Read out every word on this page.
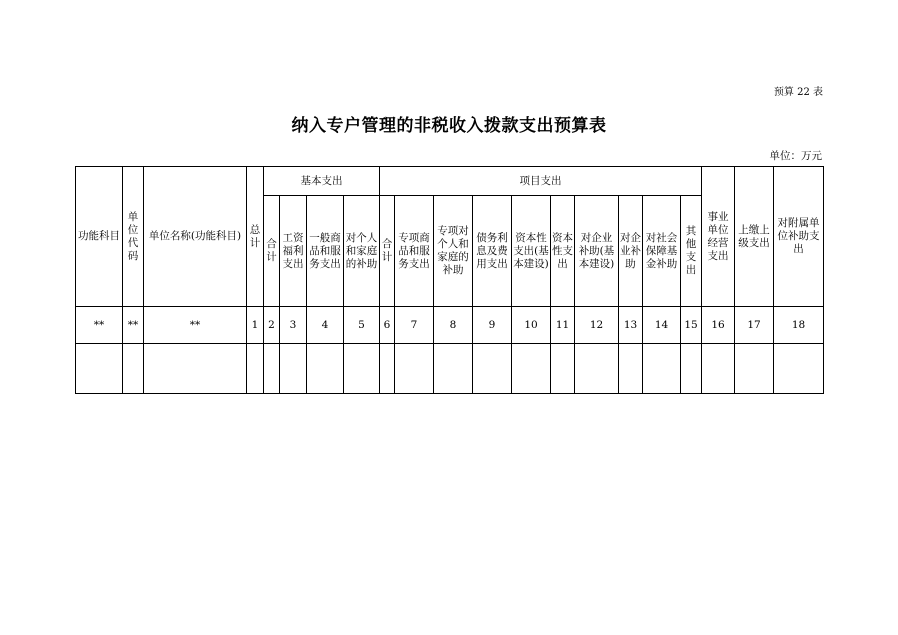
预算 22 表
纳入专户管理的非税收入拨款支出预算表
单位：万元
功能科目	单位代码	单位名称(功能科目)	总计	基本支出				项目支出										事业单位经营支出	上缴上级支出	对附属单位补助支出
				合计	工资福利支出	一般商品和服务支出	对个人和家庭的补助	合计	专项商品和服务支出	专项对个人和家庭的补助	债务利息及费用支出	资本性支出(基本建设)	资本性支出	对企业补助(基本建设)	对企业补助	对社会保障基金补助	其他支出			
**	**	**	1	2	3	4	5	6	7	8	9	10	11	12	13	14	15	16	17	18
